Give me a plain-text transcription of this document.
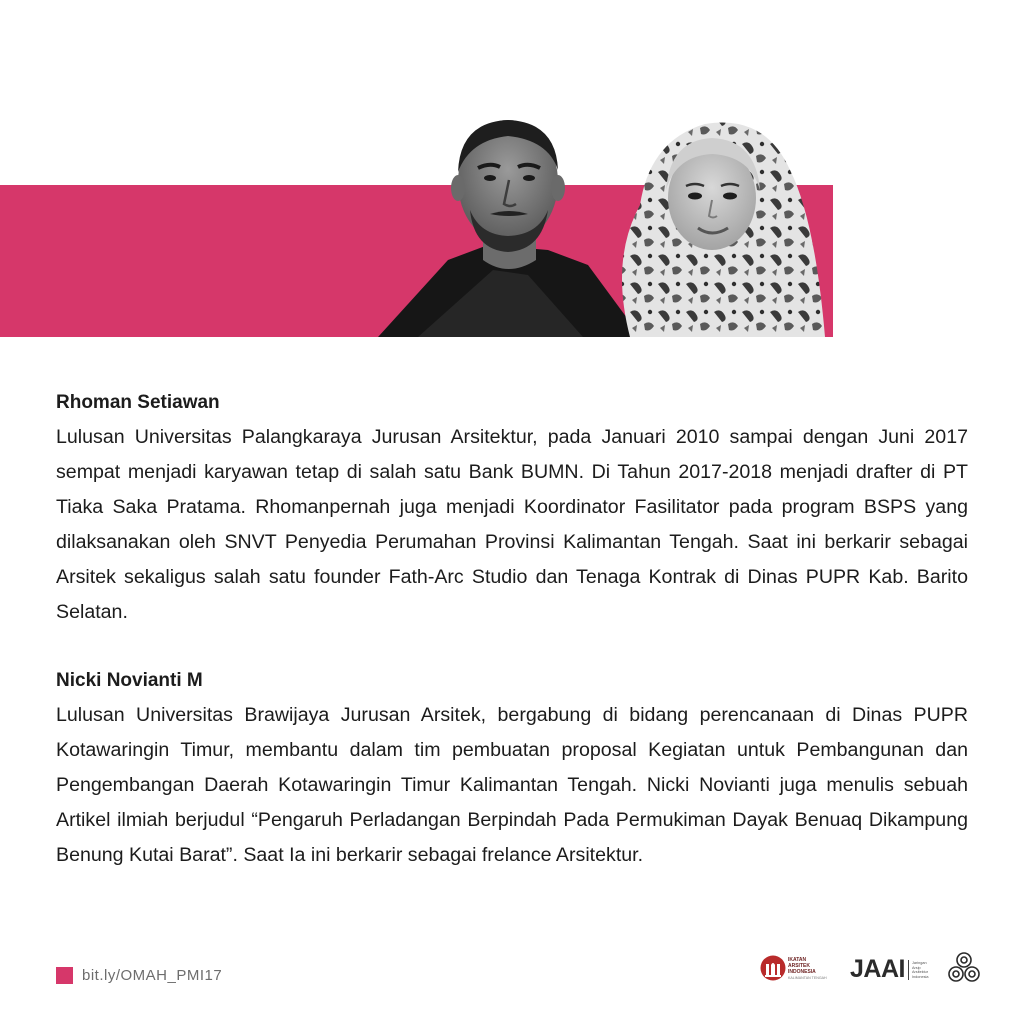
Rhoman Setiawan

Lulusan Universitas Palangkaraya Jurusan Arsitektur, pada Januari 2010 sampai dengan Juni 2017 sempat menjadi karyawan tetap di salah satu Bank BUMN. Di Tahun 2017-2018 menjadi drafter di PT Tiaka Saka Pratama. Rhomanpernah juga menjadi Koordinator Fasilitator pada program BSPS yang dilaksanakan oleh SNVT Penyedia Perumahan Provinsi Kalimantan Tengah. Saat ini berkarir sebagai Arsitek sekaligus salah satu founder Fath-Arc Studio dan Tenaga Kontrak di Dinas PUPR Kab. Barito Selatan.

Nicki Novianti M

Lulusan Universitas Brawijaya Jurusan Arsitek, bergabung di bidang perencanaan di Dinas PUPR Kotawaringin Timur, membantu dalam tim pembuatan proposal Kegiatan untuk Pembangunan dan Pengembangan Daerah Kotawaringin Timur Kalimantan Tengah. Nicki Novianti juga menulis sebuah Artikel ilmiah berjudul “Pengaruh Perladangan Berpindah Pada Permukiman Dayak Benuaq Dikampung Benung Kutai Barat”. Saat Ia ini berkarir sebagai frelance Arsitektur.

bit.ly/OMAH_PMI17
IKATAN
ARSITEK
INDONESIA
KALIMANTAN TENGAH JAAI Jaringan
Arsip
Arsitektur
Indonesia
